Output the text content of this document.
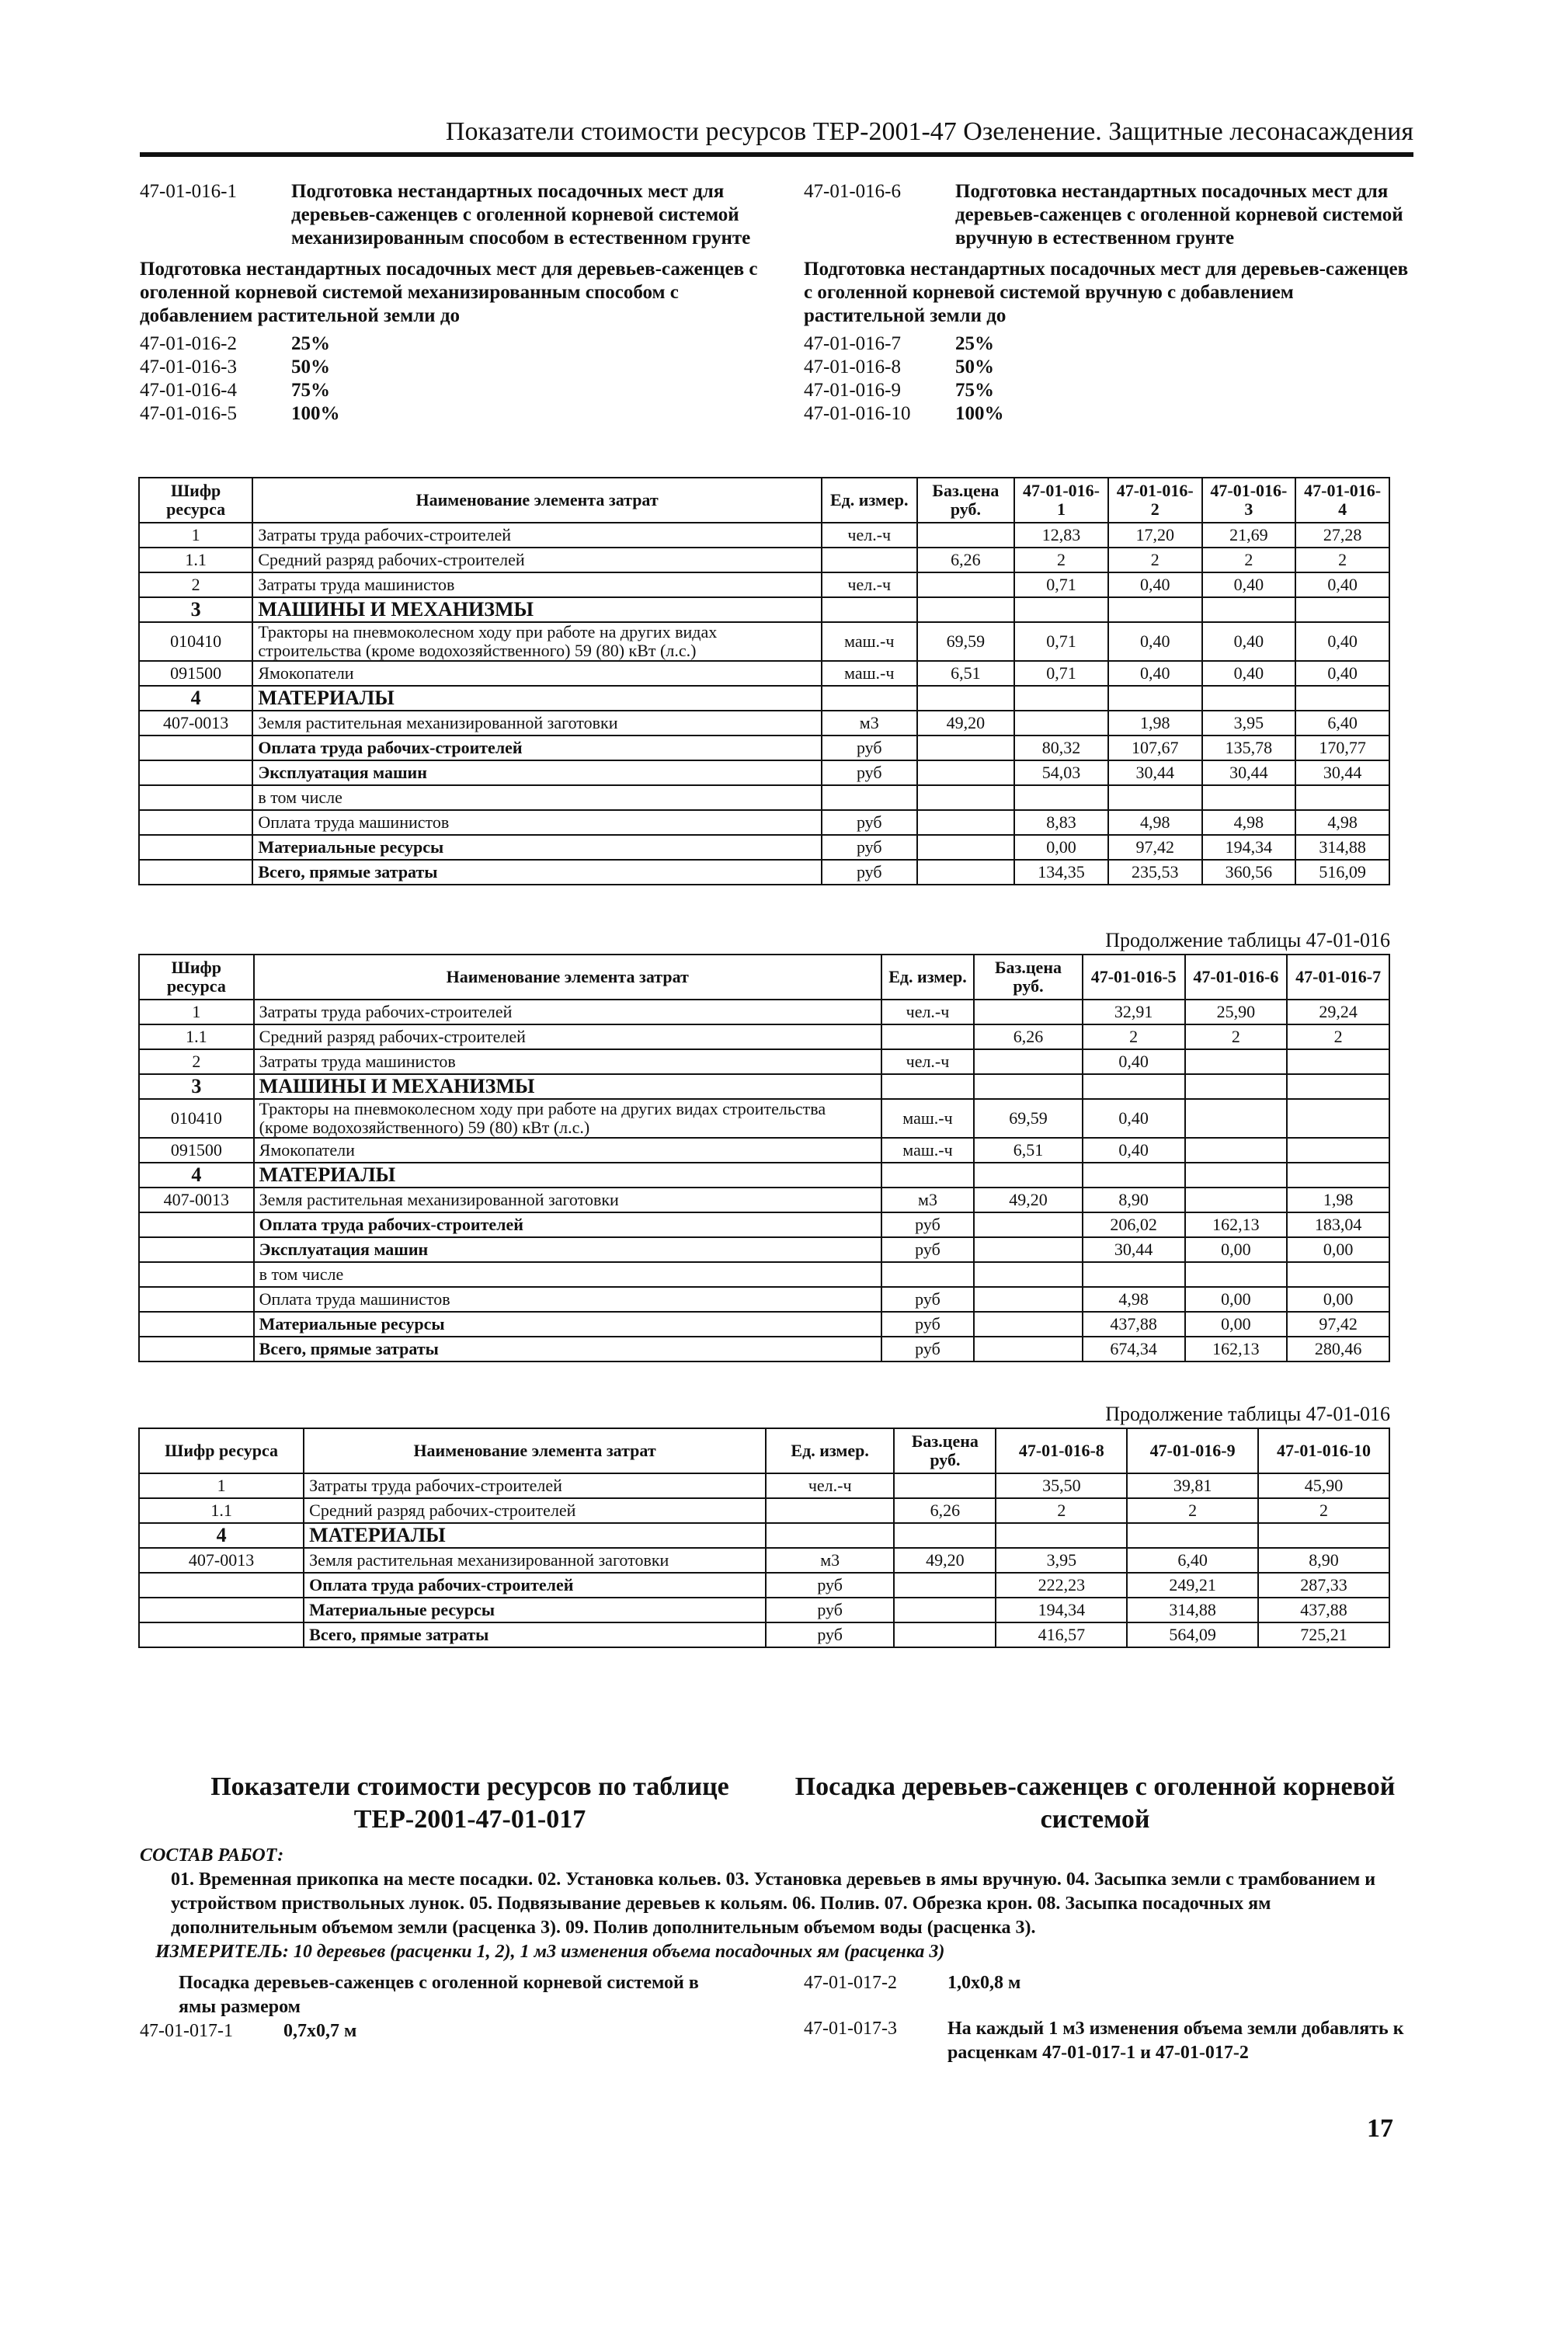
Показатели стоимости ресурсов ТЕР-2001-47 Озеленение. Защитные лесонасаждения
47-01-016-1	Подготовка нестандартных посадочных мест для деревьев-саженцев с оголенной корневой системой механизированным способом в естественном грунте
Подготовка нестандартных посадочных мест для деревьев-саженцев с оголенной корневой системой механизированным способом с добавлением растительной земли до
47-01-016-2	25%
47-01-016-3	50%
47-01-016-4	75%
47-01-016-5	100%
47-01-016-6	Подготовка нестандартных посадочных мест для деревьев-саженцев с оголенной корневой системой вручную в естественном грунте
Подготовка нестандартных посадочных мест для деревьев-саженцев с оголенной корневой системой вручную с добавлением растительной земли до
47-01-016-7	25%
47-01-016-8	50%
47-01-016-9	75%
47-01-016-10	100%
Шифр ресурса	Наименование элемента затрат	Ед. измер.	Баз.цена руб.	47-01-016-1	47-01-016-2	47-01-016-3	47-01-016-4
1	Затраты труда рабочих-строителей	чел.-ч		12,83	17,20	21,69	27,28
1.1	Средний разряд рабочих-строителей		6,26	2	2	2	2
2	Затраты труда машинистов	чел.-ч		0,71	0,40	0,40	0,40
3	МАШИНЫ И МЕХАНИЗМЫ						
010410	Тракторы на пневмоколесном ходу при работе на других видах строительства (кроме водохозяйственного) 59 (80) кВт (л.с.)	маш.-ч	69,59	0,71	0,40	0,40	0,40
091500	Ямокопатели	маш.-ч	6,51	0,71	0,40	0,40	0,40
4	МАТЕРИАЛЫ						
407-0013	Земля растительная механизированной заготовки	м3	49,20		1,98	3,95	6,40
	Оплата труда рабочих-строителей	руб		80,32	107,67	135,78	170,77
	Эксплуатация машин	руб		54,03	30,44	30,44	30,44
	в том числе						
	Оплата труда машинистов	руб		8,83	4,98	4,98	4,98
	Материальные ресурсы	руб		0,00	97,42	194,34	314,88
	Всего, прямые затраты	руб		134,35	235,53	360,56	516,09
Продолжение таблицы 47-01-016
Шифр ресурса	Наименование элемента затрат	Ед. измер.	Баз.цена руб.	47-01-016-5	47-01-016-6	47-01-016-7
1	Затраты труда рабочих-строителей	чел.-ч		32,91	25,90	29,24
1.1	Средний разряд рабочих-строителей		6,26	2	2	2
2	Затраты труда машинистов	чел.-ч		0,40		
3	МАШИНЫ И МЕХАНИЗМЫ					
010410	Тракторы на пневмоколесном ходу при работе на других видах строительства (кроме водохозяйственного) 59 (80) кВт (л.с.)	маш.-ч	69,59	0,40		
091500	Ямокопатели	маш.-ч	6,51	0,40		
4	МАТЕРИАЛЫ					
407-0013	Земля растительная механизированной заготовки	м3	49,20	8,90		1,98
	Оплата труда рабочих-строителей	руб		206,02	162,13	183,04
	Эксплуатация машин	руб		30,44	0,00	0,00
	в том числе					
	Оплата труда машинистов	руб		4,98	0,00	0,00
	Материальные ресурсы	руб		437,88	0,00	97,42
	Всего, прямые затраты	руб		674,34	162,13	280,46
Продолжение таблицы 47-01-016
Шифр ресурса	Наименование элемента затрат	Ед. измер.	Баз.цена руб.	47-01-016-8	47-01-016-9	47-01-016-10
1	Затраты труда рабочих-строителей	чел.-ч		35,50	39,81	45,90
1.1	Средний разряд рабочих-строителей		6,26	2	2	2
4	МАТЕРИАЛЫ					
407-0013	Земля растительная механизированной заготовки	м3	49,20	3,95	6,40	8,90
	Оплата труда рабочих-строителей	руб		222,23	249,21	287,33
	Материальные ресурсы	руб		194,34	314,88	437,88
	Всего, прямые затраты	руб		416,57	564,09	725,21
Показатели стоимости ресурсов по таблице ТЕР-2001-47-01-017
Посадка деревьев-саженцев с оголенной корневой системой
СОСТАВ РАБОТ:
01. Временная прикопка на месте посадки. 02. Установка кольев. 03. Установка деревьев в ямы вручную. 04. Засыпка земли с трамбованием и устройством приствольных лунок. 05. Подвязывание деревьев к кольям. 06. Полив. 07. Обрезка крон. 08. Засыпка посадочных ям дополнительным объемом земли (расценка 3). 09. Полив дополнительным объемом воды (расценка 3).
ИЗМЕРИТЕЛЬ: 10 деревьев (расценки 1, 2), 1 м3 изменения объема посадочных ям (расценка 3)
Посадка деревьев-саженцев с оголенной корневой системой в ямы размером
47-01-017-1	0,7х0,7 м
47-01-017-2	1,0х0,8 м
47-01-017-3	На каждый 1 м3 изменения объема земли добавлять к расценкам 47-01-017-1 и 47-01-017-2
17
